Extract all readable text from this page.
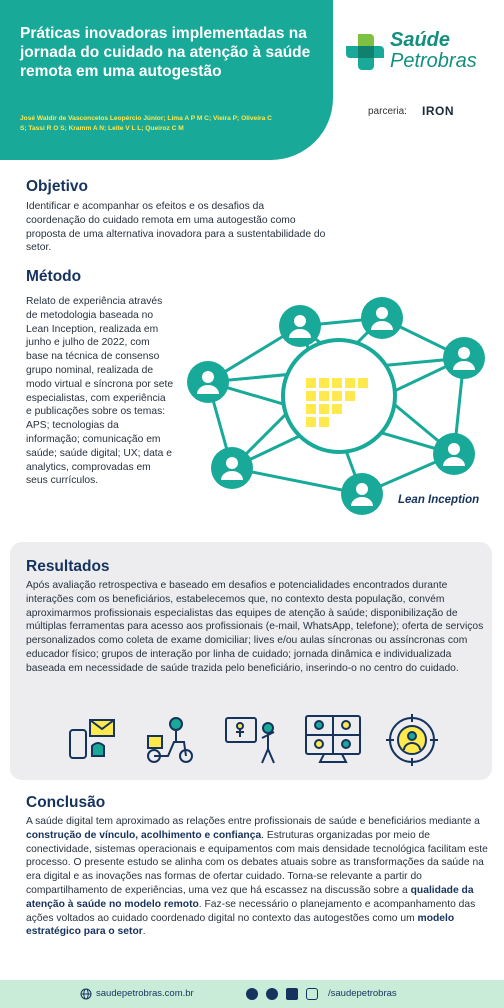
Práticas inovadoras implementadas na jornada do cuidado na atenção à saúde remota em uma autogestão
José Waldir de Vasconcelos Leopércio Júnior; Lima A P M C; Vieira P; Oliveira C S; Tassi R O S; Kramm A N; Leite V L L; Queiroz C M
Saúde
Petrobras
parceria: IRON
Objetivo

Identificar e acompanhar os efeitos e os desafios da coordenação do cuidado remota em uma autogestão como proposta de uma alternativa inovadora para a sustentabilidade do setor.

Método

Relato de experiência através de metodologia baseada no Lean Inception, realizada em junho e julho de 2022, com base na técnica de consenso grupo nominal, realizada de modo virtual e síncrona por sete especialistas, com experiência e publicações sobre os temas: APS; tecnologias da informação; comunicação em saúde; saúde digital; UX; data e analytics, comprovadas em seus currículos.

Lean Inception
Resultados

Após avaliação retrospectiva e baseado em desafios e potencialidades encontrados durante interações com os beneficiários, estabelecemos que, no contexto desta população, convém aproximarmos profissionais especialistas das equipes de atenção à saúde; disponibilização de múltiplas ferramentas para acesso aos profissionais (e-mail, WhatsApp, telefone); oferta de serviços personalizados como coleta de exame domiciliar; lives e/ou aulas síncronas ou assíncronas com educador físico; grupos de interação por linha de cuidado; jornada dinâmica e individualizada baseada em necessidade de saúde trazida pelo beneficiário, inserindo-o no centro do cuidado.

Conclusão

A saúde digital tem aproximado as relações entre profissionais de saúde e beneficiários mediante a construção de vínculo, acolhimento e confiança. Estruturas organizadas por meio de conectividade, sistemas operacionais e equipamentos com mais densidade tecnológica facilitam este processo. O presente estudo se alinha com os debates atuais sobre as transformações da saúde na era digital e as inovações nas formas de ofertar cuidado. Torna-se relevante a partir do compartilhamento de experiências, uma vez que há escassez na discussão sobre a qualidade da atenção à saúde no modelo remoto. Faz-se necessário o planejamento e acompanhamento das ações voltados ao cuidado coordenado digital no contexto das autogestões como um modelo estratégico para o setor.

saudepetrobras.com.br	/saudepetrobras
